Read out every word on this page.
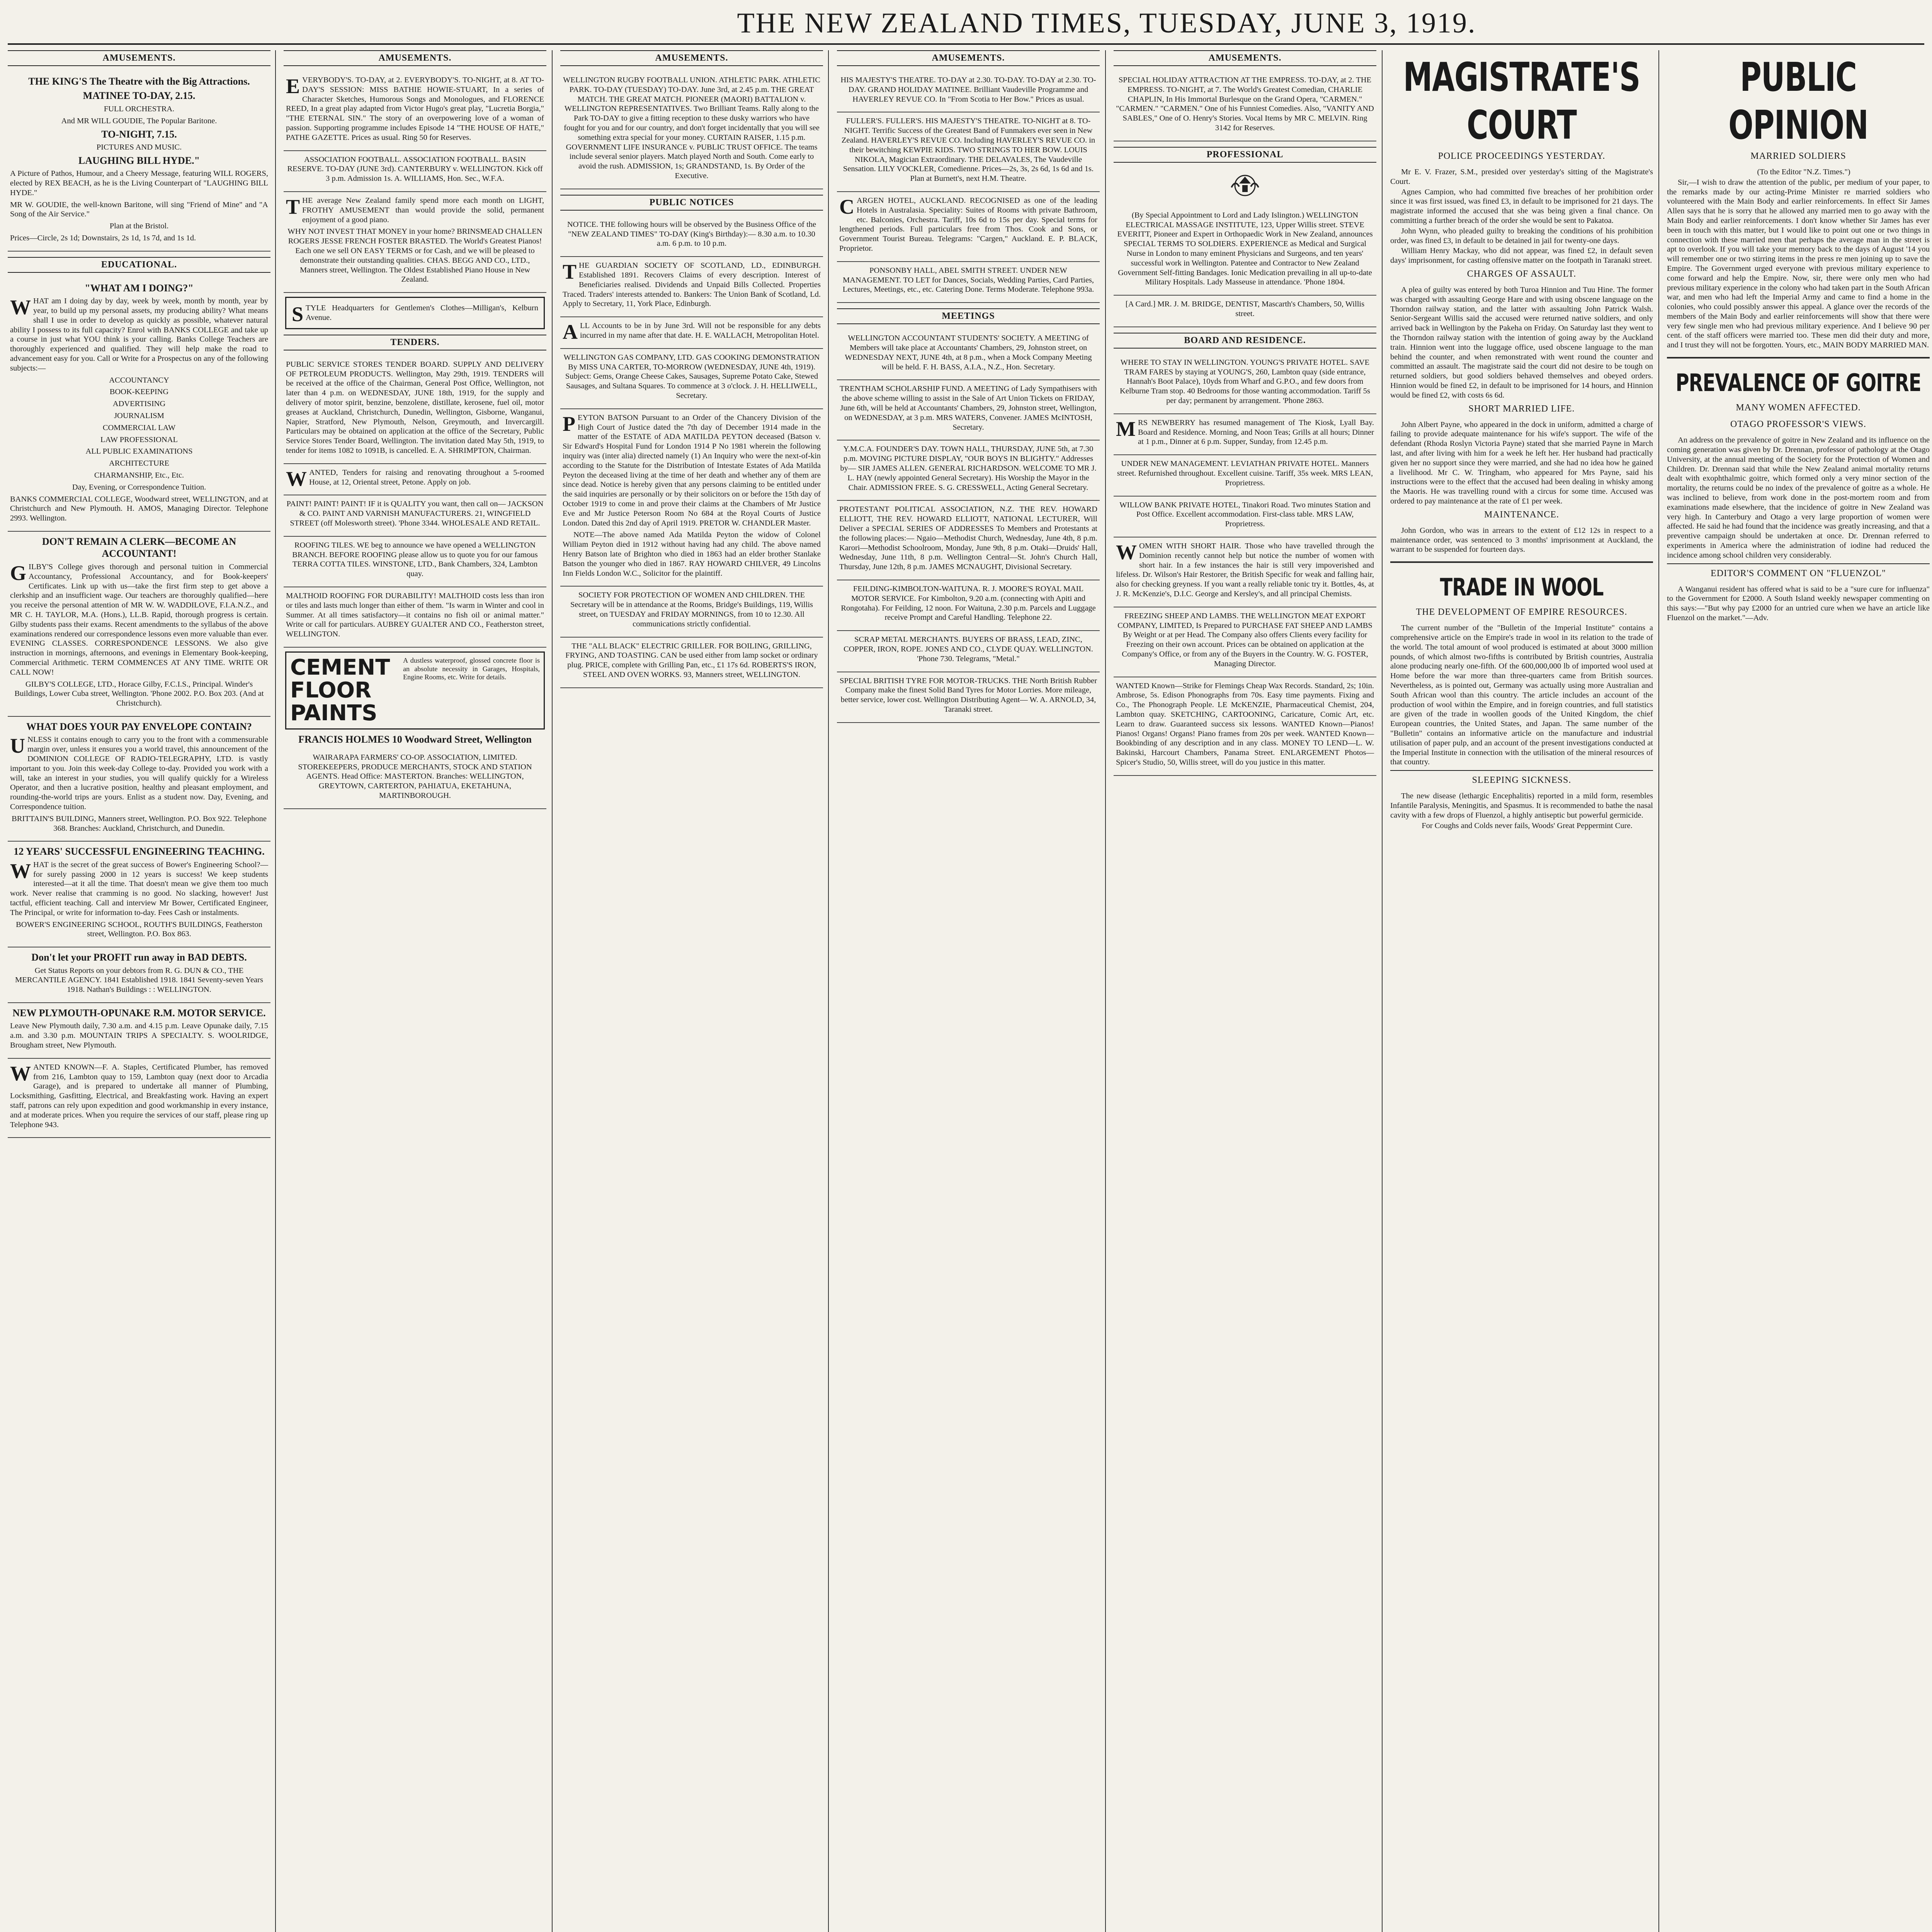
THE NEW ZEALAND TIMES, TUESDAY, JUNE 3, 1919.
AMUSEMENTS.

THE KING'S The Theatre with the Big Attractions.

MATINEE TO-DAY, 2.15.

FULL ORCHESTRA.

And MR WILL GOUDIE, The Popular Baritone.

TO-NIGHT, 7.15.

PICTURES AND MUSIC.

LAUGHING BILL HYDE."

A Picture of Pathos, Humour, and a Cheery Message, featuring WILL ROGERS, elected by REX BEACH, as he is the Living Counterpart of "LAUGHING BILL HYDE."

MR W. GOUDIE, the well-known Baritone, will sing "Friend of Mine" and "A Song of the Air Service."

Plan at the Bristol.

Prices—Circle, 2s 1d; Downstairs, 2s 1d, 1s 7d, and 1s 1d.

EDUCATIONAL.

"WHAT AM I DOING?"

WHAT am I doing day by day, week by week, month by month, year by year, to build up my personal assets, my producing ability? What means shall I use in order to develop as quickly as possible, whatever natural ability I possess to its full capacity? Enrol with BANKS COLLEGE and take up a course in just what YOU think is your calling. Banks College Teachers are thoroughly experienced and qualified. They will help make the road to advancement easy for you. Call or Write for a Prospectus on any of the following subjects:—

ACCOUNTANCY

BOOK-KEEPING

ADVERTISING

JOURNALISM

COMMERCIAL LAW

LAW PROFESSIONAL

ALL PUBLIC EXAMINATIONS

ARCHITECTURE

CHARMANSHIP, Etc., Etc.

Day, Evening, or Correspondence Tuition.

BANKS COMMERCIAL COLLEGE, Woodward street, WELLINGTON, and at Christchurch and New Plymouth. H. AMOS, Managing Director. Telephone 2993. Wellington.

DON'T REMAIN A CLERK—BECOME AN ACCOUNTANT!

GILBY'S College gives thorough and personal tuition in Commercial Accountancy, Professional Accountancy, and for Book-keepers' Certificates. Link up with us—take the first firm step to get above a clerkship and an insufficient wage. Our teachers are thoroughly qualified—here you receive the personal attention of MR W. W. WADDILOVE, F.I.A.N.Z., and MR C. H. TAYLOR, M.A. (Hons.), LL.B. Rapid, thorough progress is certain. Gilby students pass their exams. Recent amendments to the syllabus of the above examinations rendered our correspondence lessons even more valuable than ever. EVENING CLASSES. CORRESPONDENCE LESSONS. We also give instruction in mornings, afternoons, and evenings in Elementary Book-keeping, Commercial Arithmetic. TERM COMMENCES AT ANY TIME. WRITE OR CALL NOW!

GILBY'S COLLEGE, LTD., Horace Gilby, F.C.I.S., Principal. Winder's Buildings, Lower Cuba street, Wellington. 'Phone 2002. P.O. Box 203. (And at Christchurch).

WHAT DOES YOUR PAY ENVELOPE CONTAIN?

UNLESS it contains enough to carry you to the front with a commensurable margin over, unless it ensures you a world travel, this announcement of the DOMINION COLLEGE OF RADIO-TELEGRAPHY, LTD. is vastly important to you. Join this week-day College to-day. Provided you work with a will, take an interest in your studies, you will qualify quickly for a Wireless Operator, and then a lucrative position, healthy and pleasant employment, and rounding-the-world trips are yours. Enlist as a student now. Day, Evening, and Correspondence tuition.

BRITTAIN'S BUILDING, Manners street, Wellington. P.O. Box 922. Telephone 368. Branches: Auckland, Christchurch, and Dunedin.

12 YEARS' SUCCESSFUL ENGINEERING TEACHING.

WHAT is the secret of the great success of Bower's Engineering School?—for surely passing 2000 in 12 years is success! We keep students interested—at it all the time. That doesn't mean we give them too much work. Never realise that cramming is no good. No slacking, however! Just tactful, efficient teaching. Call and interview Mr Bower, Certificated Engineer, The Principal, or write for information to-day. Fees Cash or instalments.

BOWER'S ENGINEERING SCHOOL, ROUTH'S BUILDINGS, Featherston street, Wellington. P.O. Box 863.

Don't let your PROFIT run away in BAD DEBTS.

Get Status Reports on your debtors from R. G. DUN & CO., THE MERCANTILE AGENCY. 1841 Established 1918. 1841 Seventy-seven Years 1918. Nathan's Buildings : : WELLINGTON.

NEW PLYMOUTH-OPUNAKE R.M. MOTOR SERVICE.

Leave New Plymouth daily, 7.30 a.m. and 4.15 p.m. Leave Opunake daily, 7.15 a.m. and 3.30 p.m. MOUNTAIN TRIPS A SPECIALTY. S. WOOLRIDGE, Brougham street, New Plymouth.

WANTED KNOWN—F. A. Staples, Certificated Plumber, has removed from 216, Lambton quay to 159, Lambton quay (next door to Arcadia Garage), and is prepared to undertake all manner of Plumbing, Locksmithing, Gasfitting, Electrical, and Breakfasting work. Having an expert staff, patrons can rely upon expedition and good workmanship in every instance, and at moderate prices. When you require the services of our staff, please ring up Telephone 943.

AMUSEMENTS.

EVERYBODY'S. TO-DAY, at 2. EVERYBODY'S. TO-NIGHT, at 8. AT TO-DAY'S SESSION: MISS BATHIE HOWIE-STUART, In a series of Character Sketches, Humorous Songs and Monologues, and FLORENCE REED, In a great play adapted from Victor Hugo's great play, "Lucretia Borgia," "THE ETERNAL SIN." The story of an overpowering love of a woman of passion. Supporting programme includes Episode 14 "THE HOUSE OF HATE," PATHE GAZETTE. Prices as usual. Ring 50 for Reserves.

ASSOCIATION FOOTBALL. ASSOCIATION FOOTBALL. BASIN RESERVE. TO-DAY (JUNE 3rd). CANTERBURY v. WELLINGTON. Kick off 3 p.m. Admission 1s. A. WILLIAMS, Hon. Sec., W.F.A.

THE average New Zealand family spend more each month on LIGHT, FROTHY AMUSEMENT than would provide the solid, permanent enjoyment of a good piano.

WHY NOT INVEST THAT MONEY in your home? BRINSMEAD CHALLEN ROGERS JESSE FRENCH FOSTER BRASTED. The World's Greatest Pianos! Each one we sell ON EASY TERMS or for Cash, and we will be pleased to demonstrate their outstanding qualities. CHAS. BEGG AND CO., LTD., Manners street, Wellington. The Oldest Established Piano House in New Zealand.

STYLE Headquarters for Gentlemen's Clothes—Milligan's, Kelburn Avenue.

TENDERS.

PUBLIC SERVICE STORES TENDER BOARD. SUPPLY AND DELIVERY OF PETROLEUM PRODUCTS. Wellington, May 29th, 1919. TENDERS will be received at the office of the Chairman, General Post Office, Wellington, not later than 4 p.m. on WEDNESDAY, JUNE 18th, 1919, for the supply and delivery of motor spirit, benzine, benzolene, distillate, kerosene, fuel oil, motor greases at Auckland, Christchurch, Dunedin, Wellington, Gisborne, Wanganui, Napier, Stratford, New Plymouth, Nelson, Greymouth, and Invercargill. Particulars may be obtained on application at the office of the Secretary, Public Service Stores Tender Board, Wellington. The invitation dated May 5th, 1919, to tender for items 1082 to 1091B, is cancelled. E. A. SHRIMPTON, Chairman.

WANTED, Tenders for raising and renovating throughout a 5-roomed House, at 12, Oriental street, Petone. Apply on job.

PAINT! PAINT! PAINT! IF it is QUALITY you want, then call on— JACKSON & CO. PAINT AND VARNISH MANUFACTURERS. 21, WINGFIELD STREET (off Molesworth street). 'Phone 3344. WHOLESALE AND RETAIL.

ROOFING TILES. WE beg to announce we have opened a WELLINGTON BRANCH. BEFORE ROOFING please allow us to quote you for our famous TERRA COTTA TILES. WINSTONE, LTD., Bank Chambers, 324, Lambton quay.

MALTHOID ROOFING FOR DURABILITY! MALTHOID costs less than iron or tiles and lasts much longer than either of them. "Is warm in Winter and cool in Summer. At all times satisfactory—it contains no fish oil or animal matter." Write or call for particulars. AUBREY GUALTER AND CO., Featherston street, WELLINGTON.

CEMENT FLOOR PAINTS
A dustless waterproof, glossed concrete floor is an absolute necessity in Garages, Hospitals, Engine Rooms, etc. Write for details.

FRANCIS HOLMES 10 Woodward Street, Wellington

WAIRARAPA FARMERS' CO-OP. ASSOCIATION, LIMITED. STOREKEEPERS, PRODUCE MERCHANTS, STOCK AND STATION AGENTS. Head Office: MASTERTON. Branches: WELLINGTON, GREYTOWN, CARTERTON, PAHIATUA, EKETAHUNA, MARTINBOROUGH.

AMUSEMENTS.

WELLINGTON RUGBY FOOTBALL UNION. ATHLETIC PARK. ATHLETIC PARK. TO-DAY (TUESDAY) TO-DAY. June 3rd, at 2.45 p.m. THE GREAT MATCH. THE GREAT MATCH. PIONEER (MAORI) BATTALION v. WELLINGTON REPRESENTATIVES. Two Brilliant Teams. Rally along to the Park TO-DAY to give a fitting reception to these dusky warriors who have fought for you and for our country, and don't forget incidentally that you will see something extra special for your money. CURTAIN RAISER, 1.15 p.m. GOVERNMENT LIFE INSURANCE v. PUBLIC TRUST OFFICE. The teams include several senior players. Match played North and South. Come early to avoid the rush. ADMISSION, 1s; GRANDSTAND, 1s. By Order of the Executive.

PUBLIC NOTICES

NOTICE. THE following hours will be observed by the Business Office of the "NEW ZEALAND TIMES" TO-DAY (King's Birthday):— 8.30 a.m. to 10.30 a.m. 6 p.m. to 10 p.m.

THE GUARDIAN SOCIETY OF SCOTLAND, LD., EDINBURGH. Established 1891. Recovers Claims of every description. Interest of Beneficiaries realised. Dividends and Unpaid Bills Collected. Properties Traced. Traders' interests attended to. Bankers: The Union Bank of Scotland, Ld. Apply to Secretary, 11, York Place, Edinburgh.

ALL Accounts to be in by June 3rd. Will not be responsible for any debts incurred in my name after that date. H. E. WALLACH, Metropolitan Hotel.

WELLINGTON GAS COMPANY, LTD. GAS COOKING DEMONSTRATION By MISS UNA CARTER, TO-MORROW (WEDNESDAY, JUNE 4th, 1919). Subject: Gems, Orange Cheese Cakes, Sausages, Supreme Potato Cake, Stewed Sausages, and Sultana Squares. To commence at 3 o'clock. J. H. HELLIWELL, Secretary.

PEYTON BATSON Pursuant to an Order of the Chancery Division of the High Court of Justice dated the 7th day of December 1914 made in the matter of the ESTATE of ADA MATILDA PEYTON deceased (Batson v. Sir Edward's Hospital Fund for London 1914 P No 1981 wherein the following inquiry was (inter alia) directed namely (1) An Inquiry who were the next-of-kin according to the Statute for the Distribution of Intestate Estates of Ada Matilda Peyton the deceased living at the time of her death and whether any of them are since dead. Notice is hereby given that any persons claiming to be entitled under the said inquiries are personally or by their solicitors on or before the 15th day of October 1919 to come in and prove their claims at the Chambers of Mr Justice Eve and Mr Justice Peterson Room No 684 at the Royal Courts of Justice London. Dated this 2nd day of April 1919. PRETOR W. CHANDLER Master.

NOTE—The above named Ada Matilda Peyton the widow of Colonel William Peyton died in 1912 without having had any child. The above named Henry Batson late of Brighton who died in 1863 had an elder brother Stanlake Batson the younger who died in 1867. RAY HOWARD CHILVER, 49 Lincolns Inn Fields London W.C., Solicitor for the plaintiff.

SOCIETY FOR PROTECTION OF WOMEN AND CHILDREN. THE Secretary will be in attendance at the Rooms, Bridge's Buildings, 119, Willis street, on TUESDAY and FRIDAY MORNINGS, from 10 to 12.30. All communications strictly confidential.

THE "ALL BLACK" ELECTRIC GRILLER. FOR BOILING, GRILLING, FRYING, AND TOASTING. CAN be used either from lamp socket or ordinary plug. PRICE, complete with Grilling Pan, etc., £1 17s 6d. ROBERTS'S IRON, STEEL AND OVEN WORKS. 93, Manners street, WELLINGTON.

AMUSEMENTS.

HIS MAJESTY'S THEATRE. TO-DAY at 2.30. TO-DAY. TO-DAY at 2.30. TO-DAY. GRAND HOLIDAY MATINEE. Brilliant Vaudeville Programme and HAVERLEY REVUE CO. In "From Scotia to Her Bow." Prices as usual.

FULLER'S. FULLER'S. HIS MAJESTY'S THEATRE. TO-NIGHT at 8. TO-NIGHT. Terrific Success of the Greatest Band of Funmakers ever seen in New Zealand. HAVERLEY'S REVUE CO. Including HAVERLEY'S REVUE CO. in their bewitching KEWPIE KIDS. TWO STRINGS TO HER BOW. LOUIS NIKOLA, Magician Extraordinary. THE DELAVALES, The Vaudeville Sensation. LILY VOCKLER, Comedienne. Prices—2s, 3s, 2s 6d, 1s 6d and 1s. Plan at Burnett's, next H.M. Theatre.

CARGEN HOTEL, AUCKLAND. RECOGNISED as one of the leading Hotels in Australasia. Speciality: Suites of Rooms with private Bathroom, etc. Balconies, Orchestra. Tariff, 10s 6d to 15s per day. Special terms for lengthened periods. Full particulars free from Thos. Cook and Sons, or Government Tourist Bureau. Telegrams: "Cargen," Auckland. E. P. BLACK, Proprietor.

PONSONBY HALL, ABEL SMITH STREET. UNDER NEW MANAGEMENT. TO LET for Dances, Socials, Wedding Parties, Card Parties, Lectures, Meetings, etc., etc. Catering Done. Terms Moderate. Telephone 993a.

MEETINGS

WELLINGTON ACCOUNTANT STUDENTS' SOCIETY. A MEETING of Members will take place at Accountants' Chambers, 29, Johnston street, on WEDNESDAY NEXT, JUNE 4th, at 8 p.m., when a Mock Company Meeting will be held. F. H. BASS, A.I.A., N.Z., Hon. Secretary.

TRENTHAM SCHOLARSHIP FUND. A MEETING of Lady Sympathisers with the above scheme willing to assist in the Sale of Art Union Tickets on FRIDAY, June 6th, will be held at Accountants' Chambers, 29, Johnston street, Wellington, on WEDNESDAY, at 3 p.m. MRS WATERS, Convener. JAMES McINTOSH, Secretary.

Y.M.C.A. FOUNDER'S DAY. TOWN HALL, THURSDAY, JUNE 5th, at 7.30 p.m. MOVING PICTURE DISPLAY, "OUR BOYS IN BLIGHTY." Addresses by— SIR JAMES ALLEN. GENERAL RICHARDSON. WELCOME TO MR J. L. HAY (newly appointed General Secretary). His Worship the Mayor in the Chair. ADMISSION FREE. S. G. CRESSWELL, Acting General Secretary.

PROTESTANT POLITICAL ASSOCIATION, N.Z. THE REV. HOWARD ELLIOTT, THE REV. HOWARD ELLIOTT, NATIONAL LECTURER, Will Deliver a SPECIAL SERIES OF ADDRESSES To Members and Protestants at the following places:— Ngaio—Methodist Church, Wednesday, June 4th, 8 p.m. Karori—Methodist Schoolroom, Monday, June 9th, 8 p.m. Otaki—Druids' Hall, Wednesday, June 11th, 8 p.m. Wellington Central—St. John's Church Hall, Thursday, June 12th, 8 p.m. JAMES MCNAUGHT, Divisional Secretary.

FEILDING-KIMBOLTON-WAITUNA. R. J. MOORE'S ROYAL MAIL MOTOR SERVICE. For Kimbolton, 9.20 a.m. (connecting with Apiti and Rongotaha). For Feilding, 12 noon. For Waituna, 2.30 p.m. Parcels and Luggage receive Prompt and Careful Handling. Telephone 22.

SCRAP METAL MERCHANTS. BUYERS OF BRASS, LEAD, ZINC, COPPER, IRON, ROPE. JONES AND CO., CLYDE QUAY. WELLINGTON. 'Phone 730. Telegrams, "Metal."

SPECIAL BRITISH TYRE FOR MOTOR-TRUCKS. THE North British Rubber Company make the finest Solid Band Tyres for Motor Lorries. More mileage, better service, lower cost. Wellington Distributing Agent— W. A. ARNOLD, 34, Taranaki street.

AMUSEMENTS.

SPECIAL HOLIDAY ATTRACTION AT THE EMPRESS. TO-DAY, at 2. THE EMPRESS. TO-NIGHT, at 7. The World's Greatest Comedian, CHARLIE CHAPLIN, In His Immortal Burlesque on the Grand Opera, "CARMEN." "CARMEN." "CARMEN." One of his Funniest Comedies. Also, "VANITY AND SABLES," One of O. Henry's Stories. Vocal Items by MR C. MELVIN. Ring 3142 for Reserves.

PROFESSIONAL

(By Special Appointment to Lord and Lady Islington.) WELLINGTON ELECTRICAL MASSAGE INSTITUTE, 123, Upper Willis street. STEVE EVERITT, Pioneer and Expert in Orthopaedic Work in New Zealand, announces SPECIAL TERMS TO SOLDIERS. EXPERIENCE as Medical and Surgical Nurse in London to many eminent Physicians and Surgeons, and ten years' successful work in Wellington. Patentee and Contractor to New Zealand Government Self-fitting Bandages. Ionic Medication prevailing in all up-to-date Military Hospitals. Lady Masseuse in attendance. 'Phone 1804.

[A Card.] MR. J. M. BRIDGE, DENTIST, Mascarth's Chambers, 50, Willis street.

BOARD AND RESIDENCE.

WHERE TO STAY IN WELLINGTON. YOUNG'S PRIVATE HOTEL. SAVE TRAM FARES by staying at YOUNG'S, 260, Lambton quay (side entrance, Hannah's Boot Palace), 10yds from Wharf and G.P.O., and few doors from Kelburne Tram stop. 40 Bedrooms for those wanting accommodation. Tariff 5s per day; permanent by arrangement. 'Phone 2863.

MRS NEWBERRY has resumed management of The Kiosk, Lyall Bay. Board and Residence. Morning, and Noon Teas; Grills at all hours; Dinner at 1 p.m., Dinner at 6 p.m. Supper, Sunday, from 12.45 p.m.

UNDER NEW MANAGEMENT. LEVIATHAN PRIVATE HOTEL. Manners street. Refurnished throughout. Excellent cuisine. Tariff, 35s week. MRS LEAN, Proprietress.

WILLOW BANK PRIVATE HOTEL, Tinakori Road. Two minutes Station and Post Office. Excellent accommodation. First-class table. MRS LAW, Proprietress.

WOMEN WITH SHORT HAIR. Those who have travelled through the Dominion recently cannot help but notice the number of women with short hair. In a few instances the hair is still very impoverished and lifeless. Dr. Wilson's Hair Restorer, the British Specific for weak and falling hair, also for checking greyness. If you want a really reliable tonic try it. Bottles, 4s, at J. R. McKenzie's, D.I.C. George and Kersley's, and all principal Chemists.

FREEZING SHEEP AND LAMBS. THE WELLINGTON MEAT EXPORT COMPANY, LIMITED, Is Prepared to PURCHASE FAT SHEEP AND LAMBS By Weight or at per Head. The Company also offers Clients every facility for Freezing on their own account. Prices can be obtained on application at the Company's Office, or from any of the Buyers in the Country. W. G. FOSTER, Managing Director.

WANTED Known—Strike for Flemings Cheap Wax Records. Standard, 2s; 10in. Ambrose, 5s. Edison Phonographs from 70s. Easy time payments. Fixing and Co., The Phonograph People. LE McKENZIE, Pharmaceutical Chemist, 204, Lambton quay. SKETCHING, CARTOONING, Caricature, Comic Art, etc. Learn to draw. Guaranteed success six lessons. WANTED Known—Pianos! Pianos! Organs! Organs! Piano frames from 20s per week. WANTED Known—Bookbinding of any description and in any class. MONEY TO LEND—L. W. Bakinski, Harcourt Chambers, Panama Street. ENLARGEMENT Photos—Spicer's Studio, 50, Willis street, will do you justice in this matter.

MAGISTRATE'S COURT
POLICE PROCEEDINGS YESTERDAY.

Mr E. V. Frazer, S.M., presided over yesterday's sitting of the Magistrate's Court.

Agnes Campion, who had committed five breaches of her prohibition order since it was first issued, was fined £3, in default to be imprisoned for 21 days. The magistrate informed the accused that she was being given a final chance. On committing a further breach of the order she would be sent to Pakatoa.

John Wynn, who pleaded guilty to breaking the conditions of his prohibition order, was fined £3, in default to be detained in jail for twenty-one days.

William Henry Mackay, who did not appear, was fined £2, in default seven days' imprisonment, for casting offensive matter on the footpath in Taranaki street.

CHARGES OF ASSAULT.

A plea of guilty was entered by both Turoa Hinnion and Tuu Hine. The former was charged with assaulting George Hare and with using obscene language on the Thorndon railway station, and the latter with assaulting John Patrick Walsh. Senior-Sergeant Willis said the accused were returned native soldiers, and only arrived back in Wellington by the Pakeha on Friday. On Saturday last they went to the Thorndon railway station with the intention of going away by the Auckland train. Hinnion went into the luggage office, used obscene language to the man behind the counter, and when remonstrated with went round the counter and committed an assault. The magistrate said the court did not desire to be tough on returned soldiers, but good soldiers behaved themselves and obeyed orders. Hinnion would be fined £2, in default to be imprisoned for 14 hours, and Hinnion would be fined £2, with costs 6s 6d.

SHORT MARRIED LIFE.

John Albert Payne, who appeared in the dock in uniform, admitted a charge of failing to provide adequate maintenance for his wife's support. The wife of the defendant (Rhoda Roslyn Victoria Payne) stated that she married Payne in March last, and after living with him for a week he left her. Her husband had practically given her no support since they were married, and she had no idea how he gained a livelihood. Mr C. W. Tringham, who appeared for Mrs Payne, said his instructions were to the effect that the accused had been dealing in whisky among the Maoris. He was travelling round with a circus for some time. Accused was ordered to pay maintenance at the rate of £1 per week.

MAINTENANCE.

John Gordon, who was in arrears to the extent of £12 12s in respect to a maintenance order, was sentenced to 3 months' imprisonment at Auckland, the warrant to be suspended for fourteen days.

TRADE IN WOOL
THE DEVELOPMENT OF EMPIRE RESOURCES.

The current number of the "Bulletin of the Imperial Institute" contains a comprehensive article on the Empire's trade in wool in its relation to the trade of the world. The total amount of wool produced is estimated at about 3000 million pounds, of which almost two-fifths is contributed by British countries, Australia alone producing nearly one-fifth. Of the 600,000,000 lb of imported wool used at Home before the war more than three-quarters came from British sources. Nevertheless, as is pointed out, Germany was actually using more Australian and South African wool than this country. The article includes an account of the production of wool within the Empire, and in foreign countries, and full statistics are given of the trade in woollen goods of the United Kingdom, the chief European countries, the United States, and Japan. The same number of the "Bulletin" contains an informative article on the manufacture and industrial utilisation of paper pulp, and an account of the present investigations conducted at the Imperial Institute in connection with the utilisation of the mineral resources of that country.

SLEEPING SICKNESS.

The new disease (lethargic Encephalitis) reported in a mild form, resembles Infantile Paralysis, Meningitis, and Spasmus. It is recommended to bathe the nasal cavity with a few drops of Fluenzol, a highly antiseptic but powerful germicide.

For Coughs and Colds never fails, Woods' Great Peppermint Cure.

PUBLIC OPINION
MARRIED SOLDIERS

(To the Editor "N.Z. Times.")

Sir,—I wish to draw the attention of the public, per medium of your paper, to the remarks made by our acting-Prime Minister re married soldiers who volunteered with the Main Body and earlier reinforcements. In effect Sir James Allen says that he is sorry that he allowed any married men to go away with the Main Body and earlier reinforcements. I don't know whether Sir James has ever been in touch with this matter, but I would like to point out one or two things in connection with these married men that perhaps the average man in the street is apt to overlook. If you will take your memory back to the days of August '14 you will remember one or two stirring items in the press re men joining up to save the Empire. The Government urged everyone with previous military experience to come forward and help the Empire. Now, sir, there were only men who had previous military experience in the colony who had taken part in the South African war, and men who had left the Imperial Army and came to find a home in the colonies, who could possibly answer this appeal. A glance over the records of the members of the Main Body and earlier reinforcements will show that there were very few single men who had previous military experience. And I believe 90 per cent. of the staff officers were married too. These men did their duty and more, and I trust they will not be forgotten. Yours, etc., MAIN BODY MARRIED MAN.

PREVALENCE OF GOITRE
MANY WOMEN AFFECTED.
OTAGO PROFESSOR'S VIEWS.

An address on the prevalence of goitre in New Zealand and its influence on the coming generation was given by Dr. Drennan, professor of pathology at the Otago University, at the annual meeting of the Society for the Protection of Women and Children. Dr. Drennan said that while the New Zealand animal mortality returns dealt with exophthalmic goitre, which formed only a very minor section of the mortality, the returns could be no index of the prevalence of goitre as a whole. He was inclined to believe, from work done in the post-mortem room and from examinations made elsewhere, that the incidence of goitre in New Zealand was very high. In Canterbury and Otago a very large proportion of women were affected. He said he had found that the incidence was greatly increasing, and that a preventive campaign should be undertaken at once. Dr. Drennan referred to experiments in America where the administration of iodine had reduced the incidence among school children very considerably.

EDITOR'S COMMENT ON "FLUENZOL"

A Wanganui resident has offered what is said to be a "sure cure for influenza" to the Government for £2000. A South Island weekly newspaper commenting on this says:—"But why pay £2000 for an untried cure when we have an article like Fluenzol on the market."—Adv.
